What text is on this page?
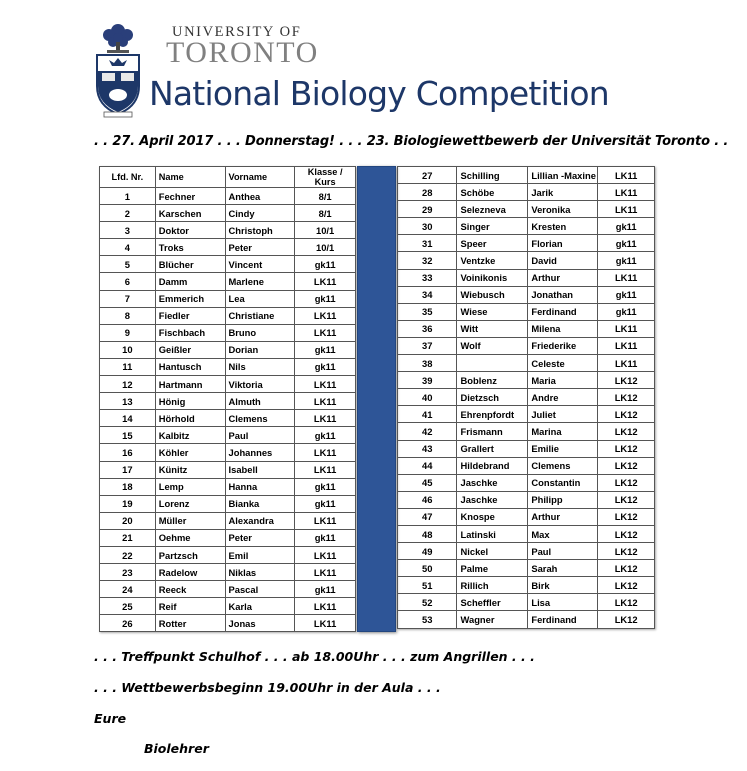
UNIVERSITY OF
TORONTO
National Biology Competition
. . 27. April 2017 . . . Donnerstag! . . . 23. Biologiewettbewerb der Universität Toronto . .
Lfd. Nr.	Name	Vorname	Klasse /
Kurs
1	Fechner	Anthea	8/1
2	Karschen	Cindy	8/1
3	Doktor	Christoph	10/1
4	Troks	Peter	10/1
5	Blücher	Vincent	gk11
6	Damm	Marlene	LK11
7	Emmerich	Lea	gk11
8	Fiedler	Christiane	LK11
9	Fischbach	Bruno	LK11
10	Geißler	Dorian	gk11
11	Hantusch	Nils	gk11
12	Hartmann	Viktoria	LK11
13	Hönig	Almuth	LK11
14	Hörhold	Clemens	LK11
15	Kalbitz	Paul	gk11
16	Köhler	Johannes	LK11
17	Künitz	Isabell	LK11
18	Lemp	Hanna	gk11
19	Lorenz	Bianka	gk11
20	Müller	Alexandra	LK11
21	Oehme	Peter	gk11
22	Partzsch	Emil	LK11
23	Radelow	Niklas	LK11
24	Reeck	Pascal	gk11
25	Reif	Karla	LK11
26	Rotter	Jonas	LK11
27	Schilling	Lillian -Maxine	LK11
28	Schöbe	Jarik	LK11
29	Selezneva	Veronika	LK11
30	Singer	Kresten	gk11
31	Speer	Florian	gk11
32	Ventzke	David	gk11
33	Voinikonis	Arthur	LK11
34	Wiebusch	Jonathan	gk11
35	Wiese	Ferdinand	gk11
36	Witt	Milena	LK11
37	Wolf	Friederike	LK11
38		Celeste	LK11
39	Boblenz	Maria	LK12
40	Dietzsch	Andre	LK12
41	Ehrenpfordt	Juliet	LK12
42	Frismann	Marina	LK12
43	Grallert	Emilie	LK12
44	Hildebrand	Clemens	LK12
45	Jaschke	Constantin	LK12
46	Jaschke	Philipp	LK12
47	Knospe	Arthur	LK12
48	Latinski	Max	LK12
49	Nickel	Paul	LK12
50	Palme	Sarah	LK12
51	Rillich	Birk	LK12
52	Scheffler	Lisa	LK12
53	Wagner	Ferdinand	LK12
. . . Treffpunkt Schulhof . . . ab 18.00Uhr . . . zum Angrillen . . .
. . . Wettbewerbsbeginn 19.00Uhr in der Aula . . .
Eure
Biolehrer
